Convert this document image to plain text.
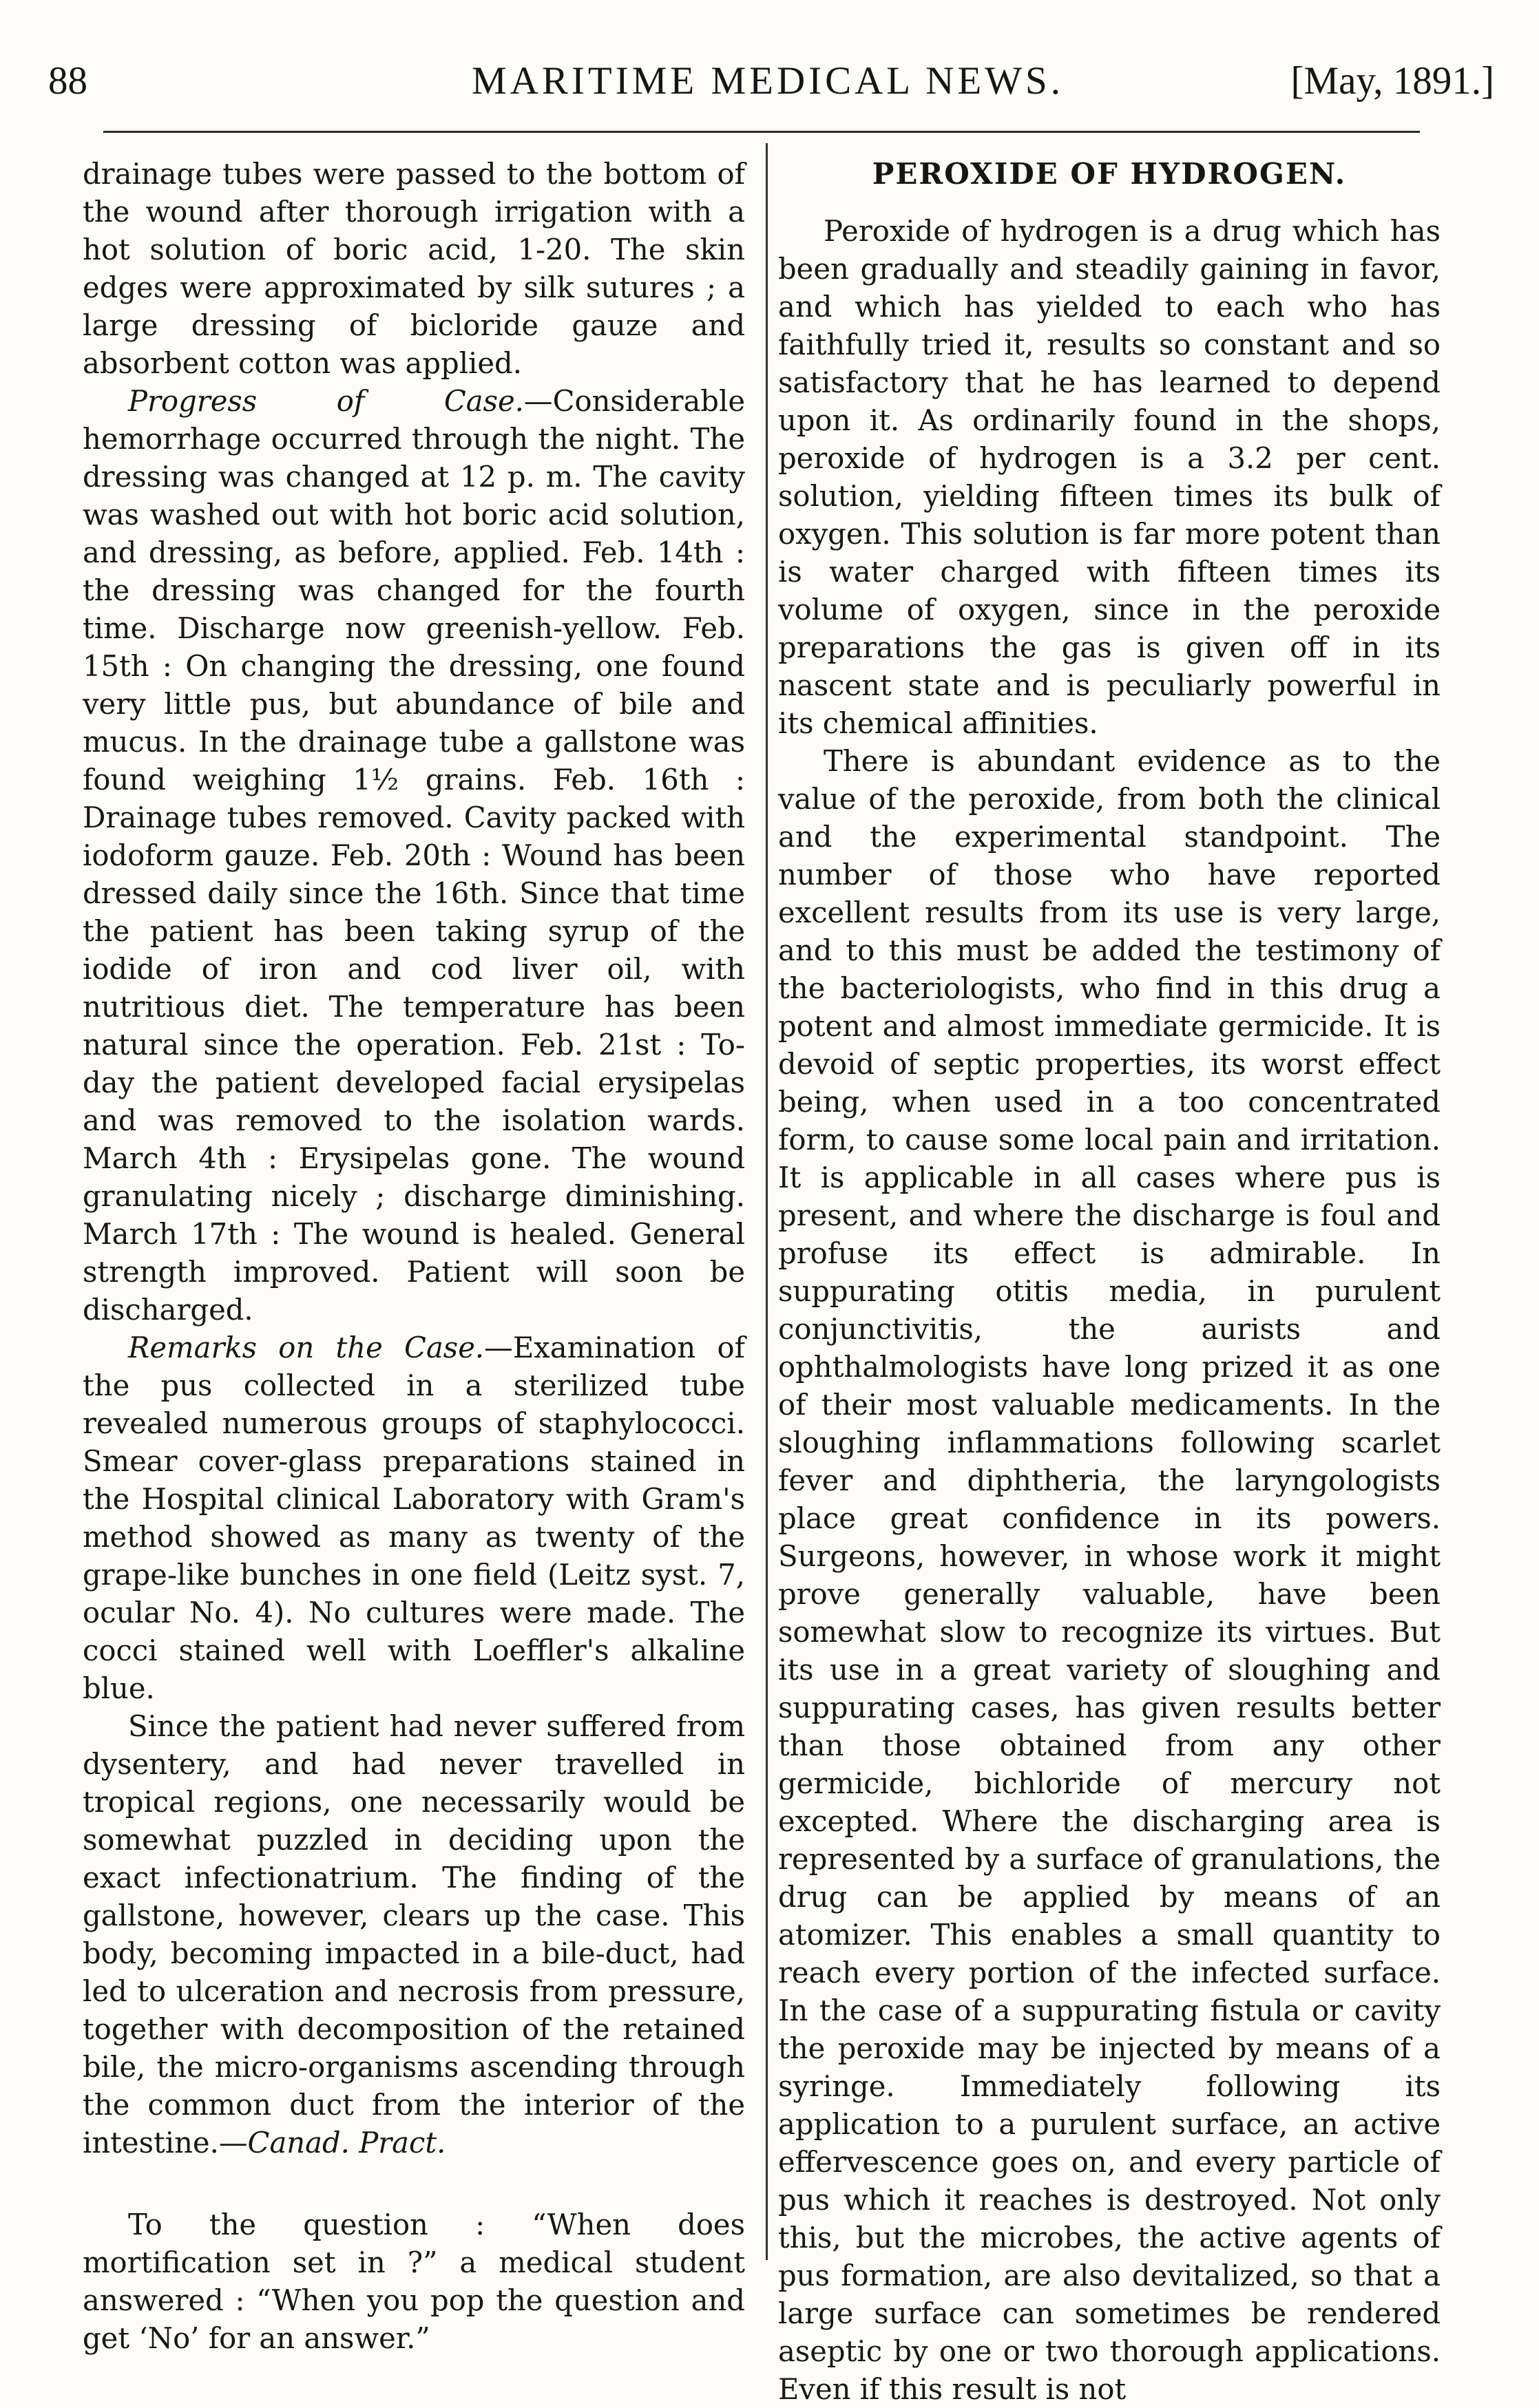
88	MARITIME MEDICAL NEWS.	[May, 1891.]

drainage tubes were passed to the bottom of the wound after thorough irrigation with a hot solution of boric acid, 1-20. The skin edges were approximated by silk sutures ; a large dressing of bicloride gauze and absorbent cotton was applied.

Progress of Case.—Considerable hemorrhage occurred through the night. The dressing was changed at 12 p. m. The cavity was washed out with hot boric acid solution, and dressing, as before, applied. Feb. 14th : the dressing was changed for the fourth time. Discharge now greenish-yellow. Feb. 15th : On changing the dressing, one found very little pus, but abundance of bile and mucus. In the drainage tube a gallstone was found weighing 1½ grains. Feb. 16th : Drainage tubes removed. Cavity packed with iodoform gauze. Feb. 20th : Wound has been dressed daily since the 16th. Since that time the patient has been taking syrup of the iodide of iron and cod liver oil, with nutritious diet. The temperature has been natural since the operation. Feb. 21st : To-day the patient developed facial erysipelas and was removed to the isolation wards. March 4th : Erysipelas gone. The wound granulating nicely ; discharge diminishing. March 17th : The wound is healed. General strength improved. Patient will soon be discharged.

Remarks on the Case.—Examination of the pus collected in a sterilized tube revealed numerous groups of staphylococci. Smear cover-glass preparations stained in the Hospital clinical Laboratory with Gram's method showed as many as twenty of the grape-like bunches in one field (Leitz syst. 7, ocular No. 4). No cultures were made. The cocci stained well with Loeffler's alkaline blue.

Since the patient had never suffered from dysentery, and had never travelled in tropical regions, one necessarily would be somewhat puzzled in deciding upon the exact infectionatrium. The finding of the gallstone, however, clears up the case. This body, becoming impacted in a bile-duct, had led to ulceration and necrosis from pressure, together with decomposition of the retained bile, the micro-organisms ascending through the common duct from the interior of the intestine.—Canad. Pract.

To the question : “When does mortification set in ?” a medical student answered : “When you pop the question and get ‘No’ for an answer.”

PEROXIDE OF HYDROGEN.

Peroxide of hydrogen is a drug which has been gradually and steadily gaining in favor, and which has yielded to each who has faithfully tried it, results so constant and so satisfactory that he has learned to depend upon it. As ordinarily found in the shops, peroxide of hydrogen is a 3.2 per cent. solution, yielding fifteen times its bulk of oxygen. This solution is far more potent than is water charged with fifteen times its volume of oxygen, since in the peroxide preparations the gas is given off in its nascent state and is peculiarly powerful in its chemical affinities.

There is abundant evidence as to the value of the peroxide, from both the clinical and the experimental standpoint. The number of those who have reported excellent results from its use is very large, and to this must be added the testimony of the bacteriologists, who find in this drug a potent and almost immediate germicide. It is devoid of septic properties, its worst effect being, when used in a too concentrated form, to cause some local pain and irritation. It is applicable in all cases where pus is present, and where the discharge is foul and profuse its effect is admirable. In suppurating otitis media, in purulent conjunctivitis, the aurists and ophthalmologists have long prized it as one of their most valuable medicaments. In the sloughing inflammations following scarlet fever and diphtheria, the laryngologists place great confidence in its powers. Surgeons, however, in whose work it might prove generally valuable, have been somewhat slow to recognize its virtues. But its use in a great variety of sloughing and suppurating cases, has given results better than those obtained from any other germicide, bichloride of mercury not excepted. Where the discharging area is represented by a surface of granulations, the drug can be applied by means of an atomizer. This enables a small quantity to reach every portion of the infected surface. In the case of a suppurating fistula or cavity the peroxide may be injected by means of a syringe. Immediately following its application to a purulent surface, an active effervescence goes on, and every particle of pus which it reaches is destroyed. Not only this, but the microbes, the active agents of pus formation, are also devitalized, so that a large surface can sometimes be rendered aseptic by one or two thorough applications. Even if this result is not
